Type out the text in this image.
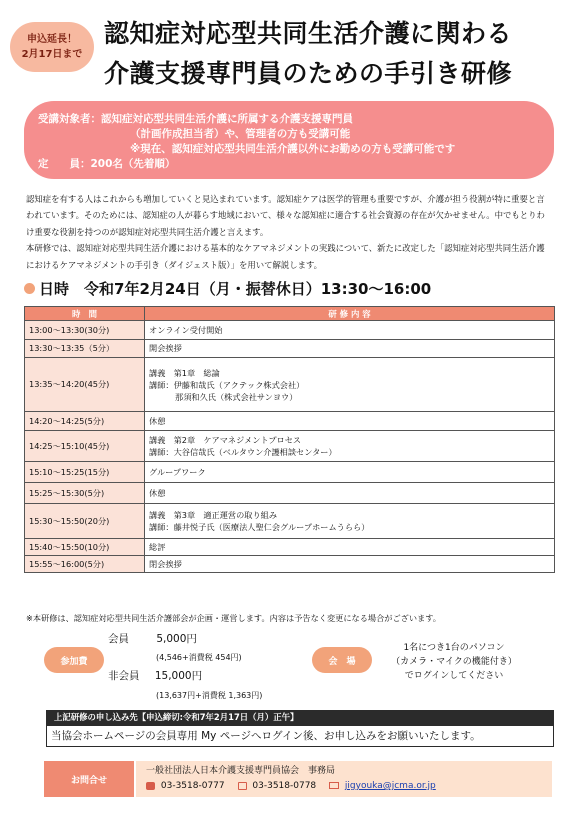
申込延長！
2月17日まで
認知症対応型共同生活介護に関わる
介護支援専門員のための手引き研修
受講対象者：認知症対応型共同生活介護に所属する介護支援専門員
（計画作成担当者）や、管理者の方も受講可能
※現在、認知症対応型共同生活介護以外にお勤めの方も受講可能です
定　　員：200名（先着順）
認知症を有する人はこれからも増加していくと見込まれています。認知症ケアは医学的管理も重要ですが、介護が担う役割が特に重要と言われています。そのためには、認知症の人が暮らす地域において、様々な認知症に適合する社会資源の存在が欠かせません。中でもとりわけ重要な役割を持つのが認知症対応型共同生活介護と言えます。
本研修では、認知症対応型共同生活介護における基本的なケアマネジメントの実践について、新たに改定した「認知症対応型共同生活介護におけるケアマネジメントの手引き（ダイジェスト版）」を用いて解説します。
日時　令和7年2月24日（月・振替休日）13:30〜16:00
時　間	研 修 内 容
13:00〜13:30(30分)	オンライン受付開始
13:30〜13:35（5分）	開会挨拶
13:35〜14:20(45分)	講義　第1章　総論
講師：伊藤和哉氏（アクテック株式会社）
那須和久氏（株式会社サンヨウ）

14:20〜14:25(5分)	休憩
14:25〜15:10(45分)	講義　第2章　ケアマネジメントプロセス
講師：大谷信哉氏（ベルタウン介護相談センター）

15:10〜15:25(15分)	グループワーク
15:25〜15:30(5分)	休憩
15:30〜15:50(20分)	講義　第3章　適正運営の取り組み
講師：藤井悦子氏（医療法人聖仁会グループホームうらら）

15:40〜15:50(10分)	総評
15:55〜16:00(5分)	閉会挨拶
※本研修は、認知症対応型共同生活介護部会が企画・運営します。内容は予告なく変更になる場合がございます。
参加費
会員	5,000円
(4,546+消費税 454円)
非会員 15,000円
(13,637円+消費税 1,363円)
会　場
1名につき1台のパソコン
（カメラ・マイクの機能付き）
でログインしてください
上記研修の申し込み先【申込締切:令和7年2月17日（月）正午】
当協会ホームページの会員専用 My ページへログイン後、お申し込みをお願いいたします。
お問合せ
一般社団法人日本介護支援専門員協会　事務局
03-3518-0777	03-3518-0778	jigyouka@jcma.or.jp
